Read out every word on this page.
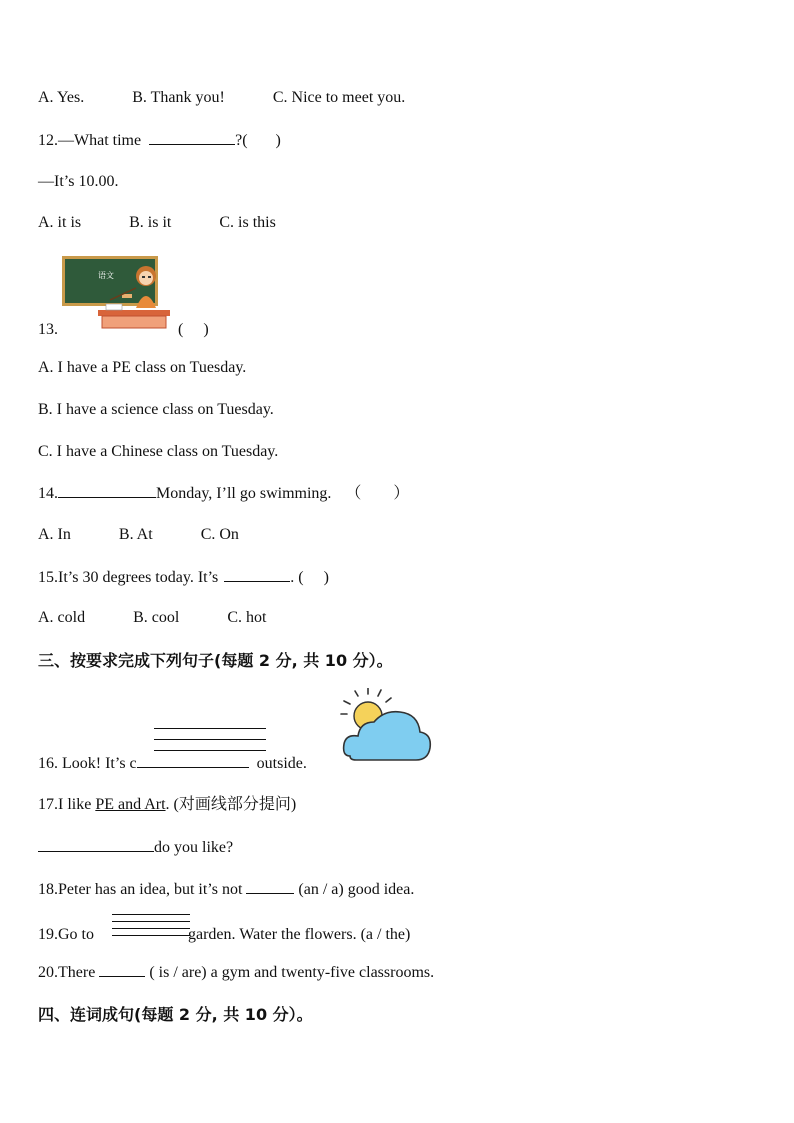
A. Yes.	B. Thank you!	C. Nice to meet you.
12.—What time	?( )
—It’s 10.00.
A. it is	B. is it	C. is this
语文
13.	( )
A. I have a PE class on Tuesday.
B. I have a science class on Tuesday.
C. I have a Chinese class on Tuesday.
14.	Monday, I’ll go swimming. （　　）
A. In	B. At	C. On
15.It’s 30 degrees today. It’s	. (　 )
A. cold	B. cool	C. hot
三、按要求完成下列句子(每题 2 分, 共 10 分）。
16. Look! It’s c	outside.
17.I like PE and Art. (对画线部分提问)
do you like?
18.Peter has an idea, but it’s not	(an / a) good idea.
19.Go to	garden. Water the flowers. (a / the)
20.There	( is / are) a gym and twenty-five classrooms.
四、连词成句(每题 2 分, 共 10 分）。
